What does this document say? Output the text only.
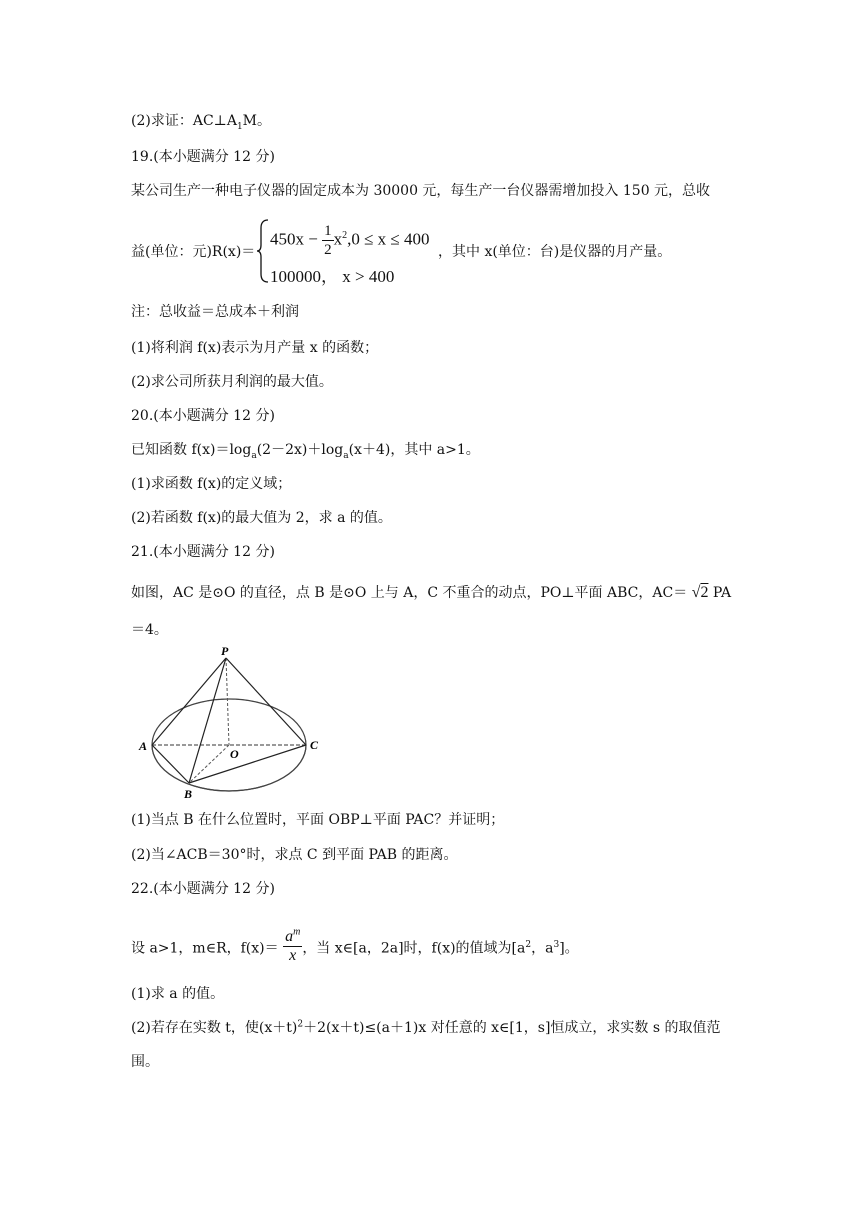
(2)求证：$AC\perp A_1M$。
19.(本小题满分 12 分)
某公司生产一种电子仪器的固定成本为 30000 元，每生产一台仪器需增加投入 150 元，总收
益(单位：元)R(x)＝
$450x - \frac{1}{2} x^2,0 \le x \le 400$
100000， x > 400
，其中 x(单位：台)是仪器的月产量。
注：总收益＝总成本＋利润
(1)将利润 f(x)表示为月产量 x 的函数；
(2)求公司所获月利润的最大值。
20.(本小题满分 12 分)
已知函数 $f(x)=\log_a(2-2x)+\log_a(x+4)$，其中 a>1。
(1)求函数 f(x)的定义域；
(2)若函数 f(x)的最大值为 2，求 a 的值。
21.(本小题满分 12 分)
如图，AC 是⊙O 的直径，点 B 是⊙O 上与 A，C 不重合的动点，PO⊥平面 ABC，AC＝ √2 PA
＝4。
P
A
O
C
B
(1)当点 B 在什么位置时，平面 OBP⊥平面 PAC？并证明；
(2)当∠ACB＝30°时，求点 C 到平面 PAB 的距离。
22.(本小题满分 12 分)
设 a>1，m∈R，$f(x)= \frac{a^m}{x}$ ，当 x∈[a，2a]时，f(x)的值域为[$a^2$，$a^3$]。
(1)求 a 的值。
(2)若存在实数 t，使$(x+t)^2+2(x+t)\le(a+1)x$ 对任意的 x∈[1，s]恒成立，求实数 s 的取值范
围。
